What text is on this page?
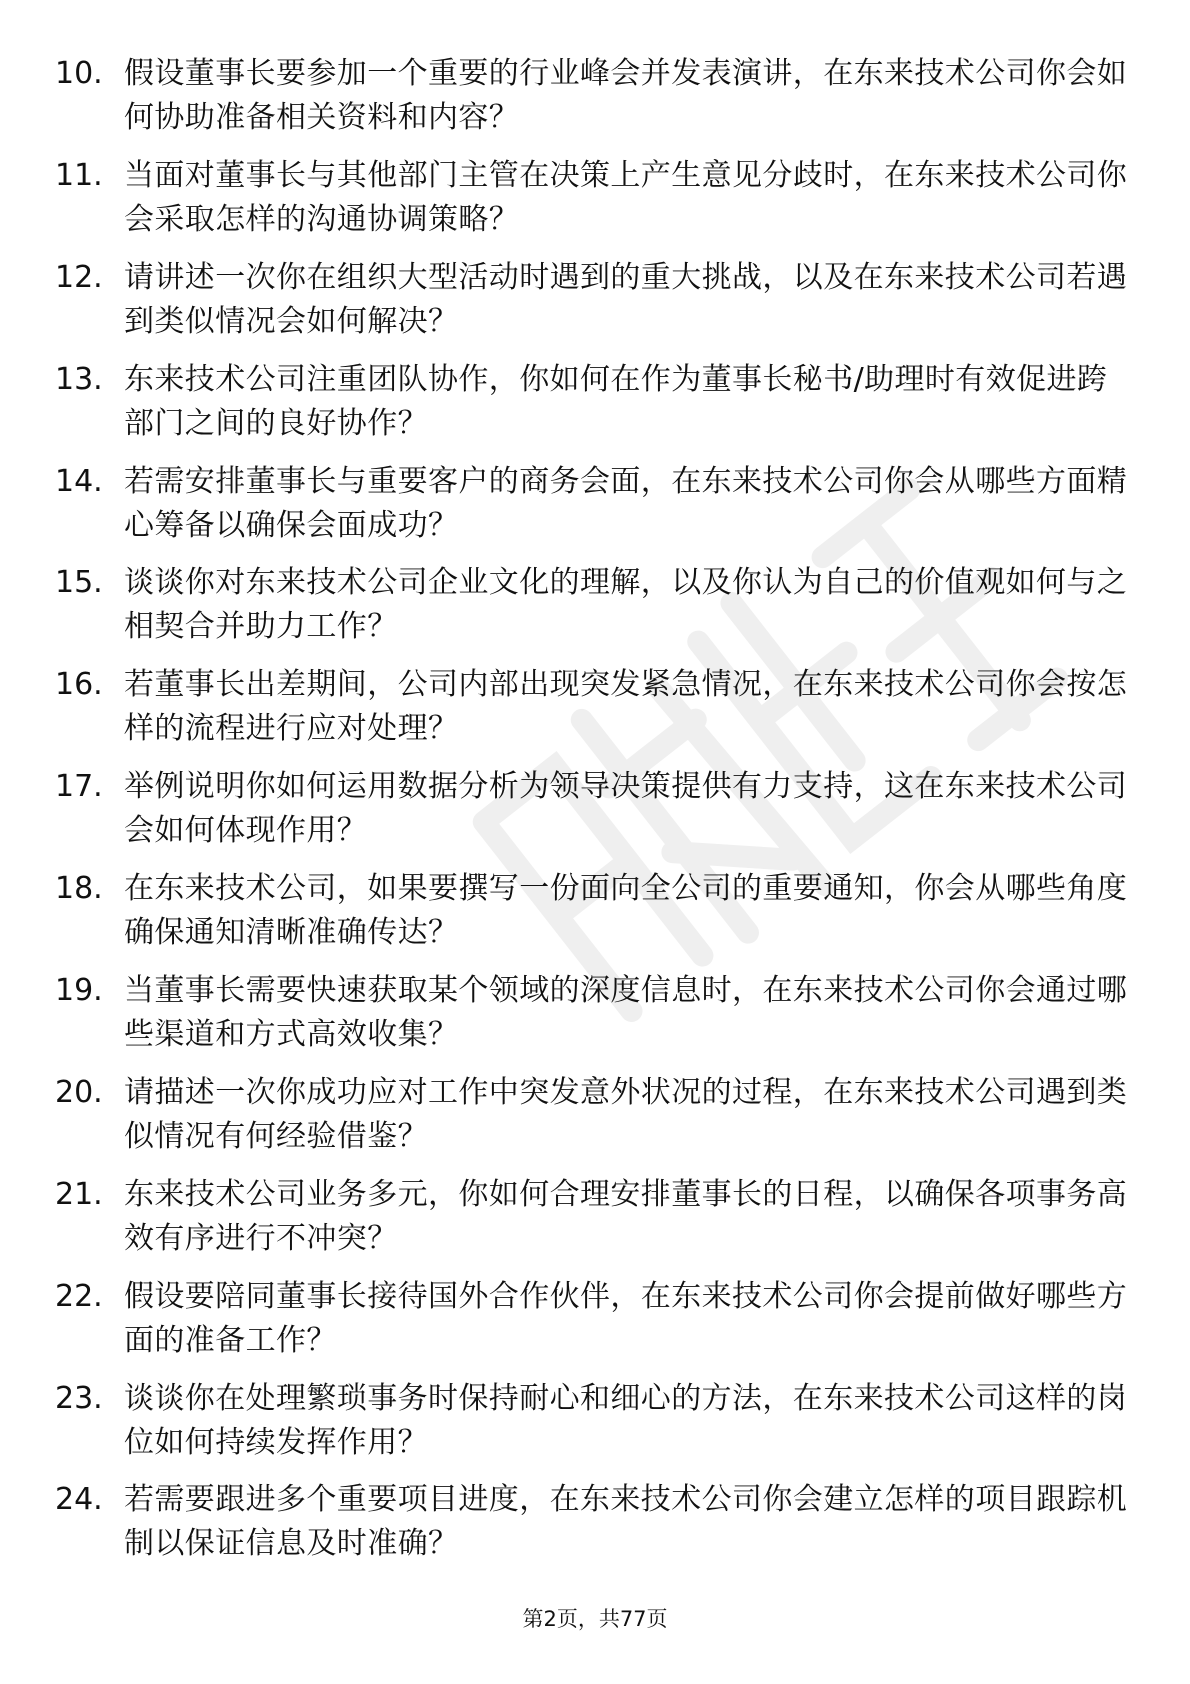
10. 假设董事长要参加一个重要的行业峰会并发表演讲，在东来技术公司你会如何协助准备相关资料和内容？
11. 当面对董事长与其他部门主管在决策上产生意见分歧时，在东来技术公司你会采取怎样的沟通协调策略？
12. 请讲述一次你在组织大型活动时遇到的重大挑战，以及在东来技术公司若遇到类似情况会如何解决？
13. 东来技术公司注重团队协作，你如何在作为董事长秘书/助理时有效促进跨部门之间的良好协作？
14. 若需安排董事长与重要客户的商务会面，在东来技术公司你会从哪些方面精心筹备以确保会面成功？
15. 谈谈你对东来技术公司企业文化的理解，以及你认为自己的价值观如何与之相契合并助力工作？
16. 若董事长出差期间，公司内部出现突发紧急情况，在东来技术公司你会按怎样的流程进行应对处理？
17. 举例说明你如何运用数据分析为领导决策提供有力支持，这在东来技术公司会如何体现作用？
18. 在东来技术公司，如果要撰写一份面向全公司的重要通知，你会从哪些角度确保通知清晰准确传达？
19. 当董事长需要快速获取某个领域的深度信息时，在东来技术公司你会通过哪些渠道和方式高效收集？
20. 请描述一次你成功应对工作中突发意外状况的过程，在东来技术公司遇到类似情况有何经验借鉴？
21. 东来技术公司业务多元，你如何合理安排董事长的日程，以确保各项事务高效有序进行不冲突？
22. 假设要陪同董事长接待国外合作伙伴，在东来技术公司你会提前做好哪些方面的准备工作？
23. 谈谈你在处理繁琐事务时保持耐心和细心的方法，在东来技术公司这样的岗位如何持续发挥作用？
24. 若需要跟进多个重要项目进度，在东来技术公司你会建立怎样的项目跟踪机制以保证信息及时准确？
第2页，共77页
